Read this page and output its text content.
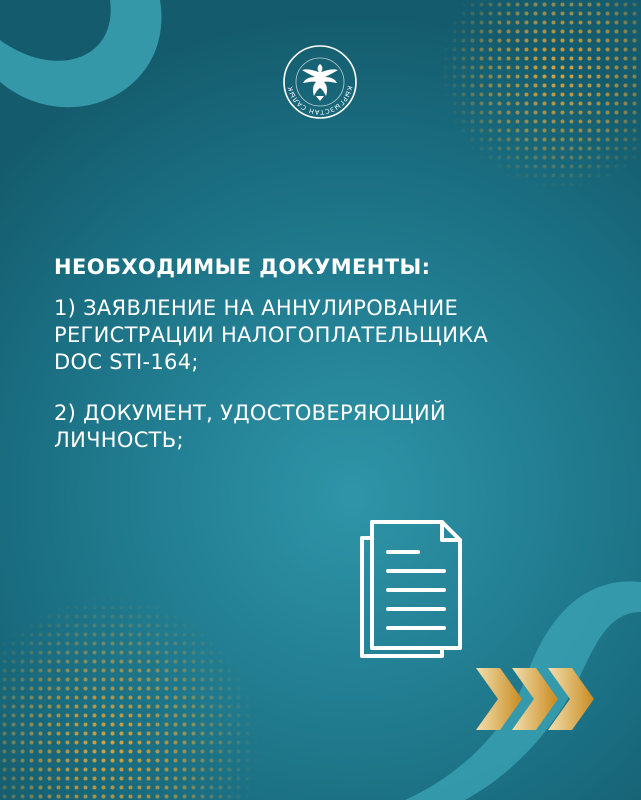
КЫРГЫЗСТАН САЛЫК
НЕОБХОДИМЫЕ ДОКУМЕНТЫ:
1) ЗАЯВЛЕНИЕ НА АННУЛИРОВАНИЕ
РЕГИСТРАЦИИ НАЛОГОПЛАТЕЛЬЩИКА
DOC STI-164;
2) ДОКУМЕНТ, УДОСТОВЕРЯЮЩИЙ
ЛИЧНОСТЬ;
